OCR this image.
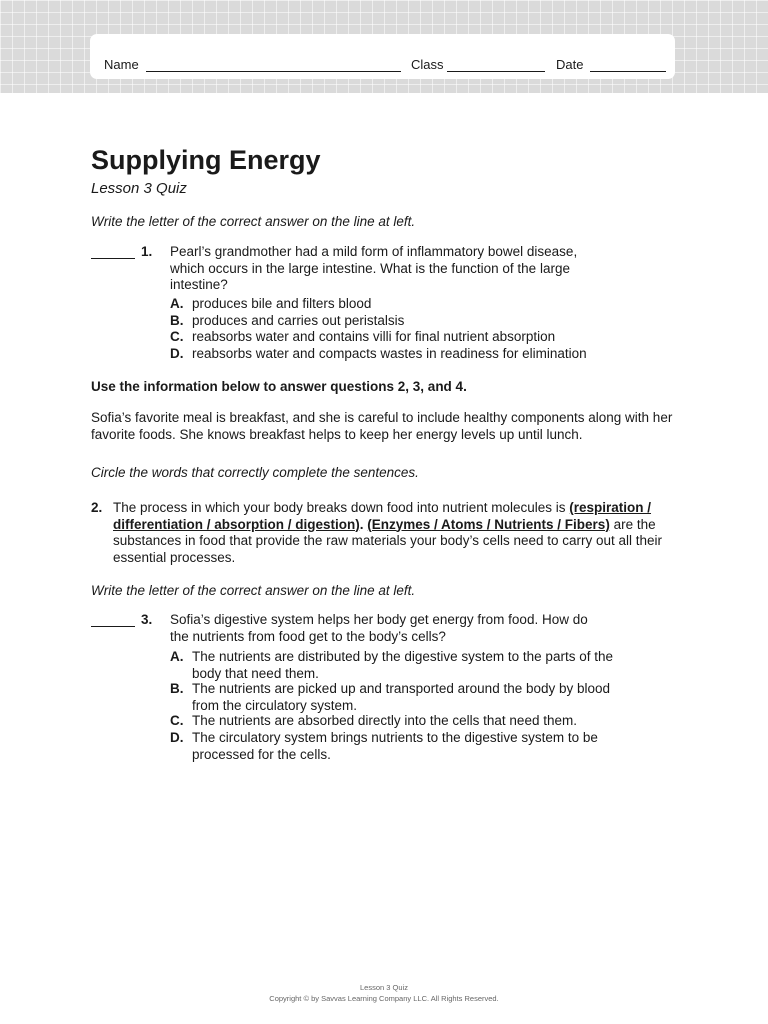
Name	Class	Date
Supplying Energy
Lesson 3 Quiz
Write the letter of the correct answer on the line at left.
1. Pearl’s grandmother had a mild form of inflammatory bowel disease, which occurs in the large intestine. What is the function of the large intestine?
A. produces bile and filters blood
B. produces and carries out peristalsis
C. reabsorbs water and contains villi for final nutrient absorption
D. reabsorbs water and compacts wastes in readiness for elimination
Use the information below to answer questions 2, 3, and 4.
Sofia’s favorite meal is breakfast, and she is careful to include healthy components along with her favorite foods. She knows breakfast helps to keep her energy levels up until lunch.
Circle the words that correctly complete the sentences.
2. The process in which your body breaks down food into nutrient molecules is (respiration / differentiation / absorption / digestion). (Enzymes / Atoms / Nutrients / Fibers) are the substances in food that provide the raw materials your body’s cells need to carry out all their essential processes.
Write the letter of the correct answer on the line at left.
3. Sofia’s digestive system helps her body get energy from food. How do the nutrients from food get to the body’s cells?
A. The nutrients are distributed by the digestive system to the parts of the body that need them.
B. The nutrients are picked up and transported around the body by blood from the circulatory system.
C. The nutrients are absorbed directly into the cells that need them.
D. The circulatory system brings nutrients to the digestive system to be processed for the cells.
Lesson 3 Quiz
Copyright © by Savvas Learning Company LLC. All Rights Reserved.
